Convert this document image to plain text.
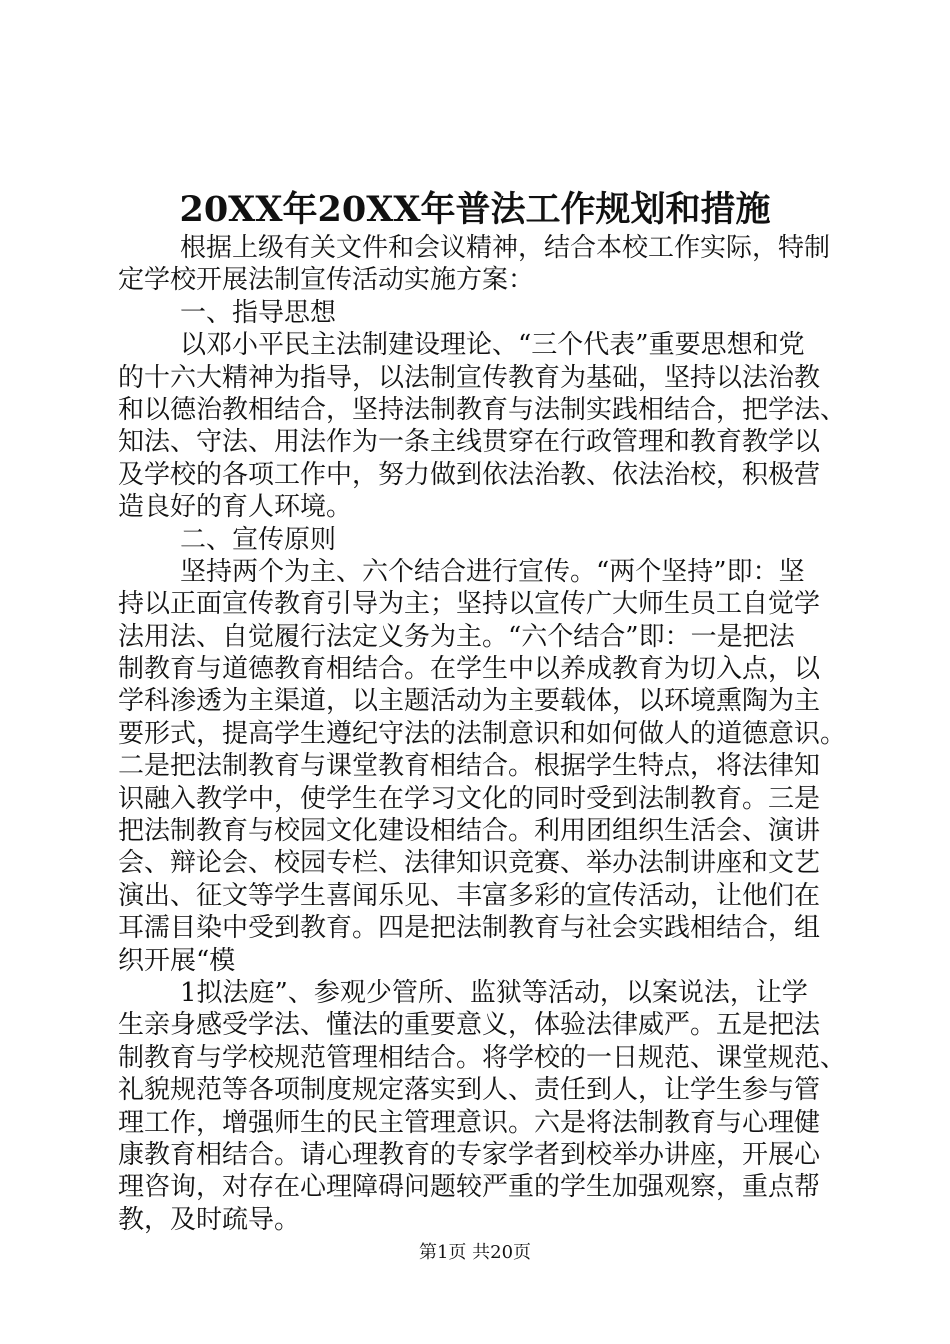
20XX年20XX年普法工作规划和措施
根据上级有关文件和会议精神，结合本校工作实际，特制
定学校开展法制宣传活动实施方案：
一、指导思想
以邓小平民主法制建设理论、“三个代表”重要思想和党
的十六大精神为指导，以法制宣传教育为基础，坚持以法治教
和以德治教相结合，坚持法制教育与法制实践相结合，把学法、
知法、守法、用法作为一条主线贯穿在行政管理和教育教学以
及学校的各项工作中，努力做到依法治教、依法治校，积极营
造良好的育人环境。
二、宣传原则
坚持两个为主、六个结合进行宣传。“两个坚持”即：坚
持以正面宣传教育引导为主；坚持以宣传广大师生员工自觉学
法用法、自觉履行法定义务为主。“六个结合”即：一是把法
制教育与道德教育相结合。在学生中以养成教育为切入点，以
学科渗透为主渠道，以主题活动为主要载体，以环境熏陶为主
要形式，提高学生遵纪守法的法制意识和如何做人的道德意识。
二是把法制教育与课堂教育相结合。根据学生特点，将法律知
识融入教学中，使学生在学习文化的同时受到法制教育。三是
把法制教育与校园文化建设相结合。利用团组织生活会、演讲
会、辩论会、校园专栏、法律知识竞赛、举办法制讲座和文艺
演出、征文等学生喜闻乐见、丰富多彩的宣传活动，让他们在
耳濡目染中受到教育。四是把法制教育与社会实践相结合，组
织开展“模
1拟法庭”、参观少管所、监狱等活动，以案说法，让学
生亲身感受学法、懂法的重要意义，体验法律威严。五是把法
制教育与学校规范管理相结合。将学校的一日规范、课堂规范、
礼貌规范等各项制度规定落实到人、责任到人，让学生参与管
理工作，增强师生的民主管理意识。六是将法制教育与心理健
康教育相结合。请心理教育的专家学者到校举办讲座，开展心
理咨询，对存在心理障碍问题较严重的学生加强观察，重点帮
教，及时疏导。
第1页 共20页
